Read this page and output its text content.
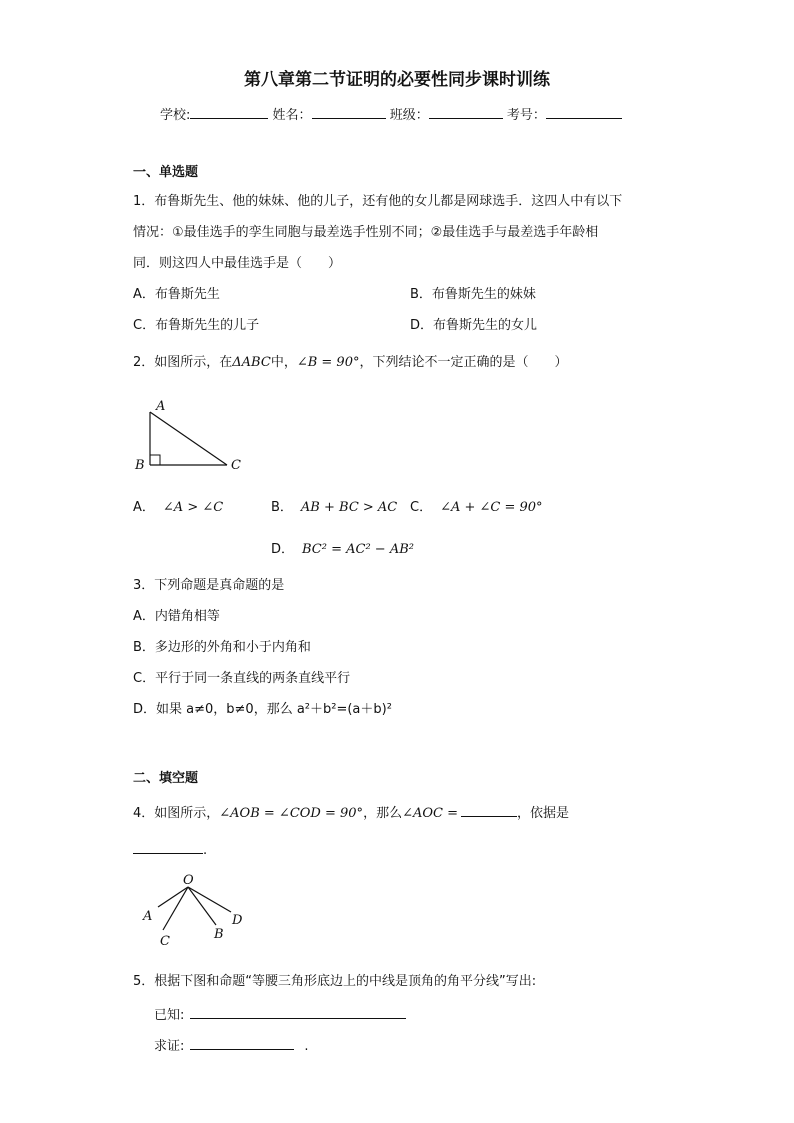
第八章第二节证明的必要性同步课时训练
学校:	姓名：	班级：	考号：
一、单选题
1．布鲁斯先生、他的妹妹、他的儿子，还有他的女儿都是网球选手．这四人中有以下
情况：①最佳选手的孪生同胞与最差选手性别不同；②最佳选手与最差选手年龄相
同．则这四人中最佳选手是（　　）
A．布鲁斯先生	B．布鲁斯先生的妹妹
C．布鲁斯先生的儿子	D．布鲁斯先生的女儿
2．如图所示，在ΔABC中，∠B = 90°，下列结论不一定正确的是（　　）
A
B	C
A． ∠A > ∠C	B． AB + BC > AC C． ∠A + ∠C = 90°
D． BC² = AC² − AB²
3．下列命题是真命题的是
A．内错角相等
B．多边形的外角和小于内角和
C．平行于同一条直线的两条直线平行
D．如果 a≠0，b≠0，那么 a²＋b²=(a＋b)²
二、填空题
4．如图所示，∠AOB = ∠COD = 90°，那么∠AOC =	，依据是
.
O
A
C	B
D
5．根据下图和命题“等腰三角形底边上的中线是顶角的角平分线”写出:
已知:
求证:	.
